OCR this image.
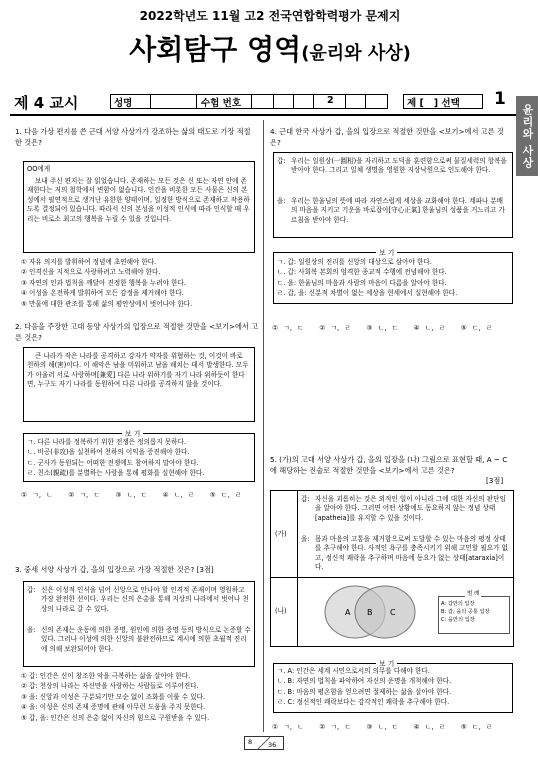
2022학년도 11월 고2 전국연합학력평가 문제지
사회탐구 영역(윤리와 사상)
제 4 교시	성명	수험 번호	2	제 [   ] 선택 1
윤리와 사상
1. 다음 가상 편지를 쓴 근대 서양 사상가가 강조하는 삶의 태도로 가장 적절한 것은?
OO에게
보내 주신 편지는 잘 읽었습니다. 존재하는 모든 것은 신 또는 자연 안에 존재한다는 저의 철학에서 변함이 없습니다. 인간을 비롯한 모든 사물은 신의 본성에서 필연적으로 생겨난 유한한 양태이며, 일정한 방식으로 존재하고 작용하도록 결정되어 있습니다. 따라서 신의 본성을 이성적 인식에 따라 인식할 때 우리는 비로소 최고의 행복을 누릴 수 있을 것입니다.
① 자유 의지를 발휘하여 정념에 초연해야 한다.
② 인격신을 지적으로 사랑하려고 노력해야 한다.
③ 자연의 인과 법칙을 깨달아 진정한 행복을 누려야 한다.
④ 이성을 온전하게 발휘하여 모든 감정을 제거해야 한다.
⑤ 만물에 대한 관조를 통해 삶의 평안상에서 벗어나야 한다.
2. 다음을 주장한 고대 동양 사상가의 입장으로 적절한 것만을 <보기>에서 고른 것은?
큰 나라가 작은 나라를 공격하고 강자가 약자를 위협하는 것, 이것이 바로 천하의 해(害)이다. 이 해악은 남을 미워하고 남을 해치는 데서 발생한다. 모두가 아울러 서로 사랑하며[兼愛] 다른 나라 위하기를 자기 나라 위하듯이 한다면, 누구도 자기 나라를 동원하여 다른 나라를 공격하지 않을 것이다.
보 기
ㄱ. 다른 나라를 정복하기 위한 전쟁은 정의롭지 못하다.
ㄴ. 비공(非攻)을 실천하여 천하의 이익을 증진해야 한다.
ㄷ. 군사가 동원되는 어떠한 전쟁에도 참여하지 말아야 한다.
ㄹ. 친소(親疏)를 분별하는 사랑을 통해 평화를 실현해야 한다.
① ㄱ, ㄴ   ② ㄱ, ㄷ   ③ ㄴ, ㄷ   ④ ㄴ, ㄹ   ⑤ ㄷ, ㄹ
3. 중세 서양 사상가 갑, 을의 입장으로 가장 적절한 것은? [3점]
갑: 신은 이성적 인식을 넘어 신앙으로 만나야 할 인격적 존재이며 영원하고 가장 완전한 선이다. 우리는 신의 은총을 통해 지상의 나라에서 벗어나 천상의 나라로 갈 수 있다.
을: 신의 존재는 운동에 의한 증명, 원인에 의한 증명 등의 방식으로 논증할 수 있다. 그러나 이성에 의한 신앙의 불완전하므로 계시에 의한 초월적 진리에 의해 보완되어야 한다.
① 갑: 인간은 신이 창조한 악을 극복하는 삶을 살아야 한다.
② 갑: 천상의 나라는 자신만을 사랑하는 사람들로 이루어진다.
③ 을: 신앙과 이성은 구분되기만 모순 없이 조화를 이룰 수 있다.
④ 을: 이성은 신의 존재 증명에 관해 아무런 도움을 주지 못한다.
⑤ 갑, 을: 인간은 신의 은총 없이 자신의 힘으로 구원받을 수 있다.
4. 근대 한국 사상가 갑, 을의 입장으로 적절한 것만을 <보기>에서 고른 것은?
갑: 우리는 일원상(一圓相)을 자리하고 도덕을 훈련함으로써 물질세력의 항복을 받아야 한다. 그리고 일체 생명을 영원한 지상낙원으로 인도해야 한다.
을: 우리는 한울님의 뜻에 따라 자연스럽게 세상을 교화해야 한다. 계파나 분배의 마음을 지키고 기운을 바로잡아[守心正氣] 한울님의 성품을 거느리고 가르침을 받아야 한다.
보 기
ㄱ. 갑: 일원상의 진리를 신앙의 대상으로 삼아야 한다.
ㄴ. 갑: 사회복 본회의 엄격한 종교적 수행에 전념해야 한다.
ㄷ. 을: 한울님의 마음과 사람의 마음이 다름을 알아야 한다.
ㄹ. 갑, 을: 신분적 차별이 없는 세상을 현세에서 실현해야 한다.
① ㄱ, ㄷ   ② ㄱ, ㄹ   ③ ㄴ, ㄷ   ④ ㄴ, ㄹ   ⑤ ㄷ, ㄹ
5. (가)의 고대 서양 사상가 갑, 을의 입장을 (나) 그림으로 표현할 때, A ~ C에 해당하는 진술로 적절한 것만을 <보기>에서 고른 것은?
[3점]
(가)
갑: 자신을 괴롭히는 것은 외적인 일이 아니라 그에 대한 자신의 판단임을 알아야 한다. 그러면 어떤 상황에도 동요하지 않는 정념 상태[apatheia]를 유지할 수 있을 것이다.
을: 몸과 마음의 고통을 제거함으로써 도달할 수 있는 마음의 평정 상태를 추구해야 한다. 사적인 욕구를 충족시키기 위해 고민할 필요가 없고, 정신적 쾌락을 추구하며 마음에 동요가 없는 상태[ataraxia]이다.
(나)	A B C
범 례
A: 갑만의 입장
B: 갑, 을의 공통 입장
C: 을만의 입장
보 기
ㄱ. A: 인간은 세계 시민으로서의 의무를 다해야 한다.
ㄴ. B: 자연의 법칙을 파악하여 자신의 운명을 개척해야 한다.
ㄷ. B: 마음의 평온함을 얻으려면 절제하는 삶을 살아야 한다.
ㄹ. C: 정신적인 쾌락보다는 감각적인 쾌락을 추구해야 한다.
① ㄱ, ㄴ   ② ㄱ, ㄷ   ③ ㄴ, ㄷ   ④ ㄴ, ㄹ   ⑤ ㄷ, ㄹ
8 36
